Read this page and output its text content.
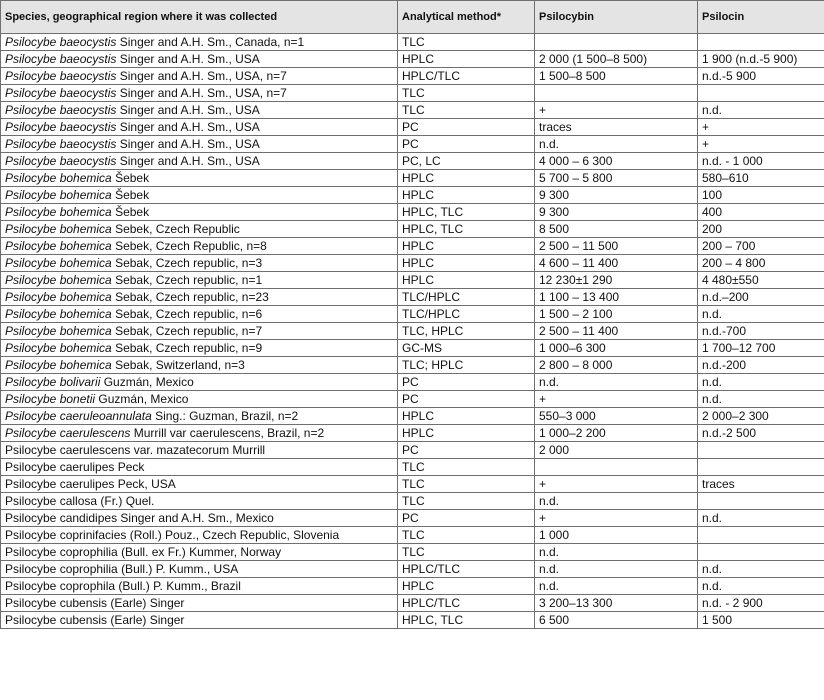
Species, geographical region where it was collected	Analytical method*	Psilocybin	Psilocin
Psilocybe baeocystis Singer and A.H. Sm., Canada, n=1	TLC		
Psilocybe baeocystis Singer and A.H. Sm., USA	HPLC	2 000 (1 500–8 500)	1 900 (n.d.-5 900)
Psilocybe baeocystis Singer and A.H. Sm., USA, n=7	HPLC/TLC	1 500–8 500	n.d.-5 900
Psilocybe baeocystis Singer and A.H. Sm., USA, n=7	TLC		
Psilocybe baeocystis Singer and A.H. Sm., USA	TLC	+	n.d.
Psilocybe baeocystis Singer and A.H. Sm., USA	PC	traces	+
Psilocybe baeocystis Singer and A.H. Sm., USA	PC	n.d.	+
Psilocybe baeocystis Singer and A.H. Sm., USA	PC, LC	4 000 – 6 300	n.d. - 1 000
Psilocybe bohemica Šebek	HPLC	5 700 – 5 800	580–610
Psilocybe bohemica Šebek	HPLC	9 300	100
Psilocybe bohemica Šebek	HPLC, TLC	9 300	400
Psilocybe bohemica Sebek, Czech Republic	HPLC, TLC	8 500	200
Psilocybe bohemica Sebek, Czech Republic, n=8	HPLC	2 500 – 11 500	200 – 700
Psilocybe bohemica Sebak, Czech republic, n=3	HPLC	4 600 – 11 400	200 – 4 800
Psilocybe bohemica Sebak, Czech republic, n=1	HPLC	12 230±1 290	4 480±550
Psilocybe bohemica Sebak, Czech republic, n=23	TLC/HPLC	1 100 – 13 400	n.d.–200
Psilocybe bohemica Sebak, Czech republic, n=6	TLC/HPLC	1 500 – 2 100	n.d.
Psilocybe bohemica Sebak, Czech republic, n=7	TLC, HPLC	2 500 – 11 400	n.d.-700
Psilocybe bohemica Sebak, Czech republic, n=9	GC-MS	1 000–6 300	1 700–12 700
Psilocybe bohemica Sebak, Switzerland, n=3	TLC; HPLC	2 800 – 8 000	n.d.-200
Psilocybe bolivarii Guzmán, Mexico	PC	n.d.	n.d.
Psilocybe bonetii Guzmán, Mexico	PC	+	n.d.
Psilocybe caeruleoannulata Sing.: Guzman, Brazil, n=2	HPLC	550–3 000	2 000–2 300
Psilocybe caerulescens Murrill var caerulescens, Brazil, n=2	HPLC	1 000–2 200	n.d.-2 500
Psilocybe caerulescens var. mazatecorum Murrill	PC	2 000	
Psilocybe caerulipes Peck	TLC		
Psilocybe caerulipes Peck, USA	TLC	+	traces
Psilocybe callosa (Fr.) Quel.	TLC	n.d.	
Psilocybe candidipes Singer and A.H. Sm., Mexico	PC	+	n.d.
Psilocybe coprinifacies (Roll.) Pouz., Czech Republic, Slovenia	TLC	1 000	
Psilocybe coprophilia (Bull. ex Fr.) Kummer, Norway	TLC	n.d.	
Psilocybe coprophilia (Bull.) P. Kumm., USA	HPLC/TLC	n.d.	n.d.
Psilocybe coprophila (Bull.) P. Kumm., Brazil	HPLC	n.d.	n.d.
Psilocybe cubensis (Earle) Singer	HPLC/TLC	3 200–13 300	n.d. - 2 900
Psilocybe cubensis (Earle) Singer	HPLC, TLC	6 500	1 500
